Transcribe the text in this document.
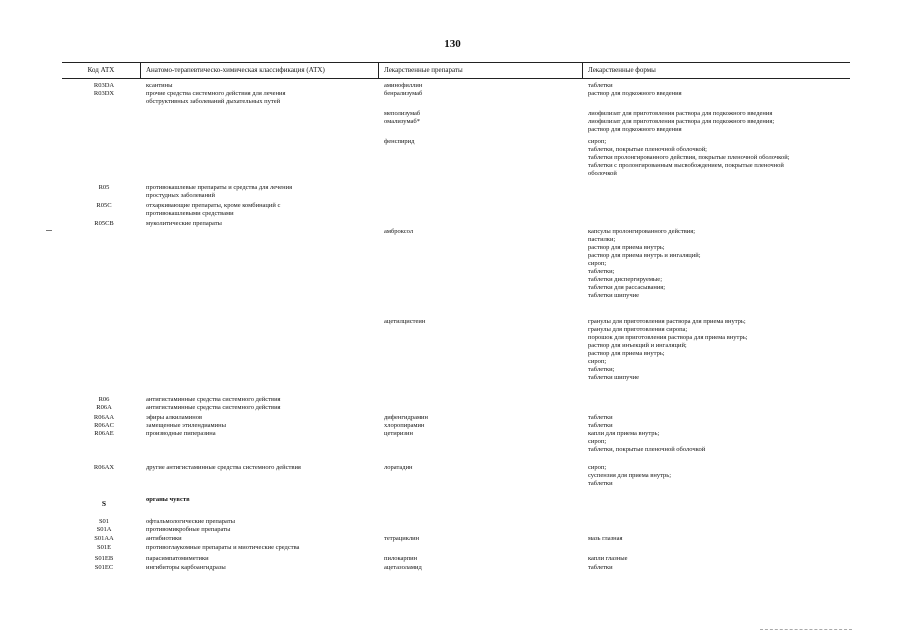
130
Код АТХ	Анатомо-терапевтическо-химическая классификация (АТХ)	Лекарственные препараты	Лекарственные формы
R03DA	ксантины	аминофиллин	таблетки
R03DX	прочие средства системного действия для лечения
обструктивных заболеваний дыхательных путей
бенрализумаб	раствор для подкожного введения
меполизумаб	лиофилизат для приготовления раствора для подкожного введения
омализумаб*	лиофилизат для приготовления раствора для подкожного введения;
раствор для подкожного введения
фенспирид	сироп;
таблетки, покрытые пленочной оболочкой;
таблетки пролонгированного действия, покрытые пленочной оболочкой;
таблетки с пролонгированным высвобождением, покрытые пленочной
оболочкой
R05	противокашлевые препараты и средства для лечения
простудных заболеваний
R05C	отхаркивающие препараты, кроме комбинаций с
противокашлевыми средствами
R05CB	муколитические препараты
амброксол	капсулы пролонгированного действия;
пастилки;
раствор для приема внутрь;
раствор для приема внутрь и ингаляций;
сироп;
таблетки;
таблетки диспергируемые;
таблетки для рассасывания;
таблетки шипучие
ацетилцистеин	гранулы для приготовления раствора для приема внутрь;
гранулы для приготовления сиропа;
порошок для приготовления раствора для приема внутрь;
раствор для инъекций и ингаляций;
раствор для приема внутрь;
сироп;
таблетки;
таблетки шипучие
R06	антигистаминные средства системного действия
R06A	антигистаминные средства системного действия
R06AA	эфиры алкиламинов	дифенгидрамин	таблетки
R06AC	замещенные этилендиамины	хлоропирамин	таблетки
R06AE	производные пиперазина	цетиризин	капли для приема внутрь;
сироп;
таблетки, покрытые пленочной оболочкой
R06AX	другие антигистаминные средства системного действия	лоратадин	сироп;
суспензия для приема внутрь;
таблетки
S	органы чувств
S01	офтальмологические препараты
S01A	противомикробные препараты
S01AA	антибиотики	тетрациклин	мазь глазная
S01E	противоглаукомные препараты и миотические средства
S01EB	парасимпатомиметики	пилокарпин	капли глазные
S01EC	ингибиторы карбоангидразы	ацетазоламид	таблетки
